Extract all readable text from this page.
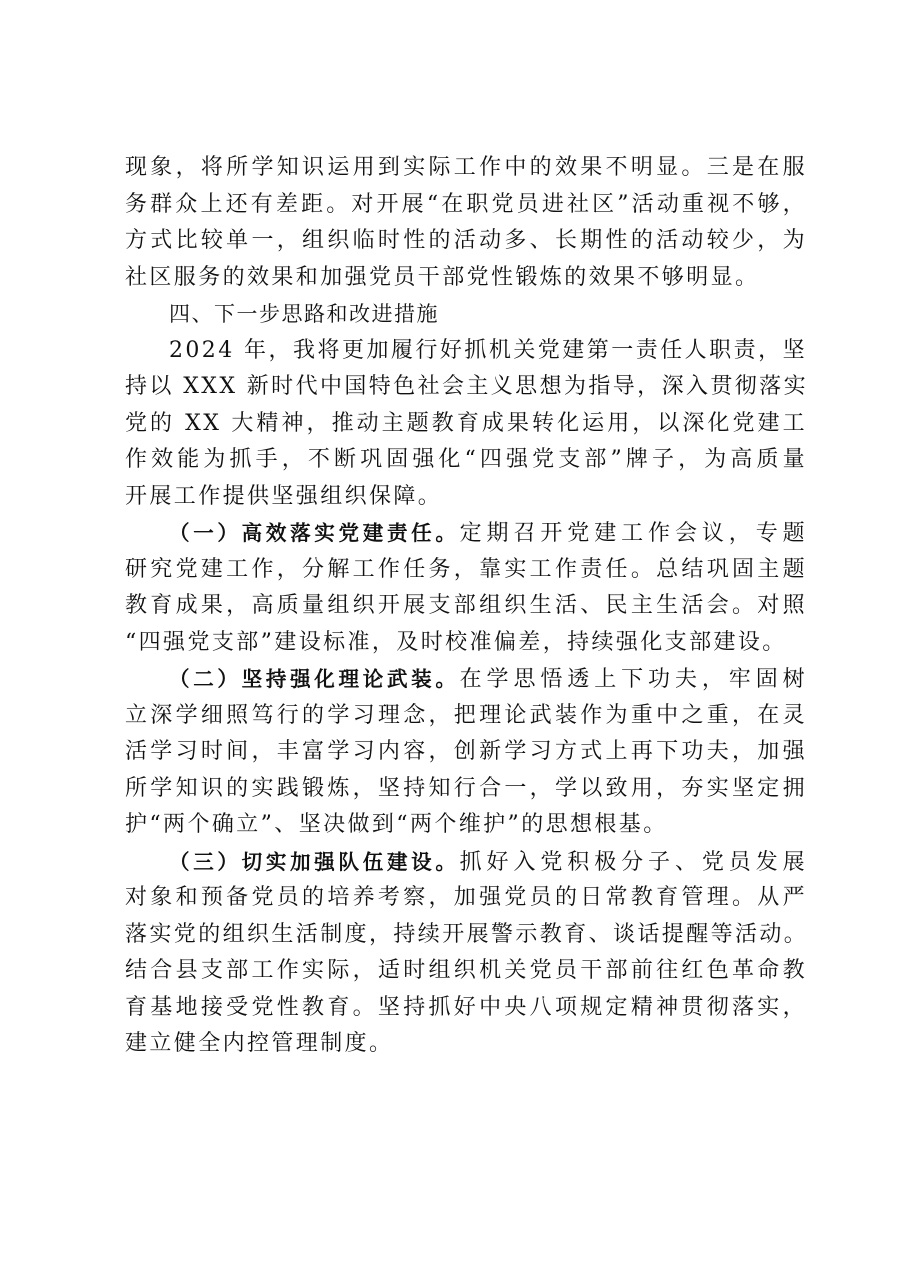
现象，将所学知识运用到实际工作中的效果不明显。三是在服
务群众上还有差距。对开展“在职党员进社区”活动重视不够，
方式比较单一，组织临时性的活动多、长期性的活动较少，为
社区服务的效果和加强党员干部党性锻炼的效果不够明显。
四、下一步思路和改进措施
2024 年，我将更加履行好抓机关党建第一责任人职责，坚
持以 XXX 新时代中国特色社会主义思想为指导，深入贯彻落实
党的 XX 大精神，推动主题教育成果转化运用，以深化党建工
作效能为抓手，不断巩固强化“四强党支部”牌子，为高质量
开展工作提供坚强组织保障。
（一）高效落实党建责任。定期召开党建工作会议，专题
研究党建工作，分解工作任务，靠实工作责任。总结巩固主题
教育成果，高质量组织开展支部组织生活、民主生活会。对照
“四强党支部”建设标准，及时校准偏差，持续强化支部建设。
（二）坚持强化理论武装。在学思悟透上下功夫，牢固树
立深学细照笃行的学习理念，把理论武装作为重中之重，在灵
活学习时间，丰富学习内容，创新学习方式上再下功夫，加强
所学知识的实践锻炼，坚持知行合一，学以致用，夯实坚定拥
护“两个确立”、坚决做到“两个维护”的思想根基。
（三）切实加强队伍建设。抓好入党积极分子、党员发展
对象和预备党员的培养考察，加强党员的日常教育管理。从严
落实党的组织生活制度，持续开展警示教育、谈话提醒等活动。
结合县支部工作实际，适时组织机关党员干部前往红色革命教
育基地接受党性教育。坚持抓好中央八项规定精神贯彻落实，
建立健全内控管理制度。
